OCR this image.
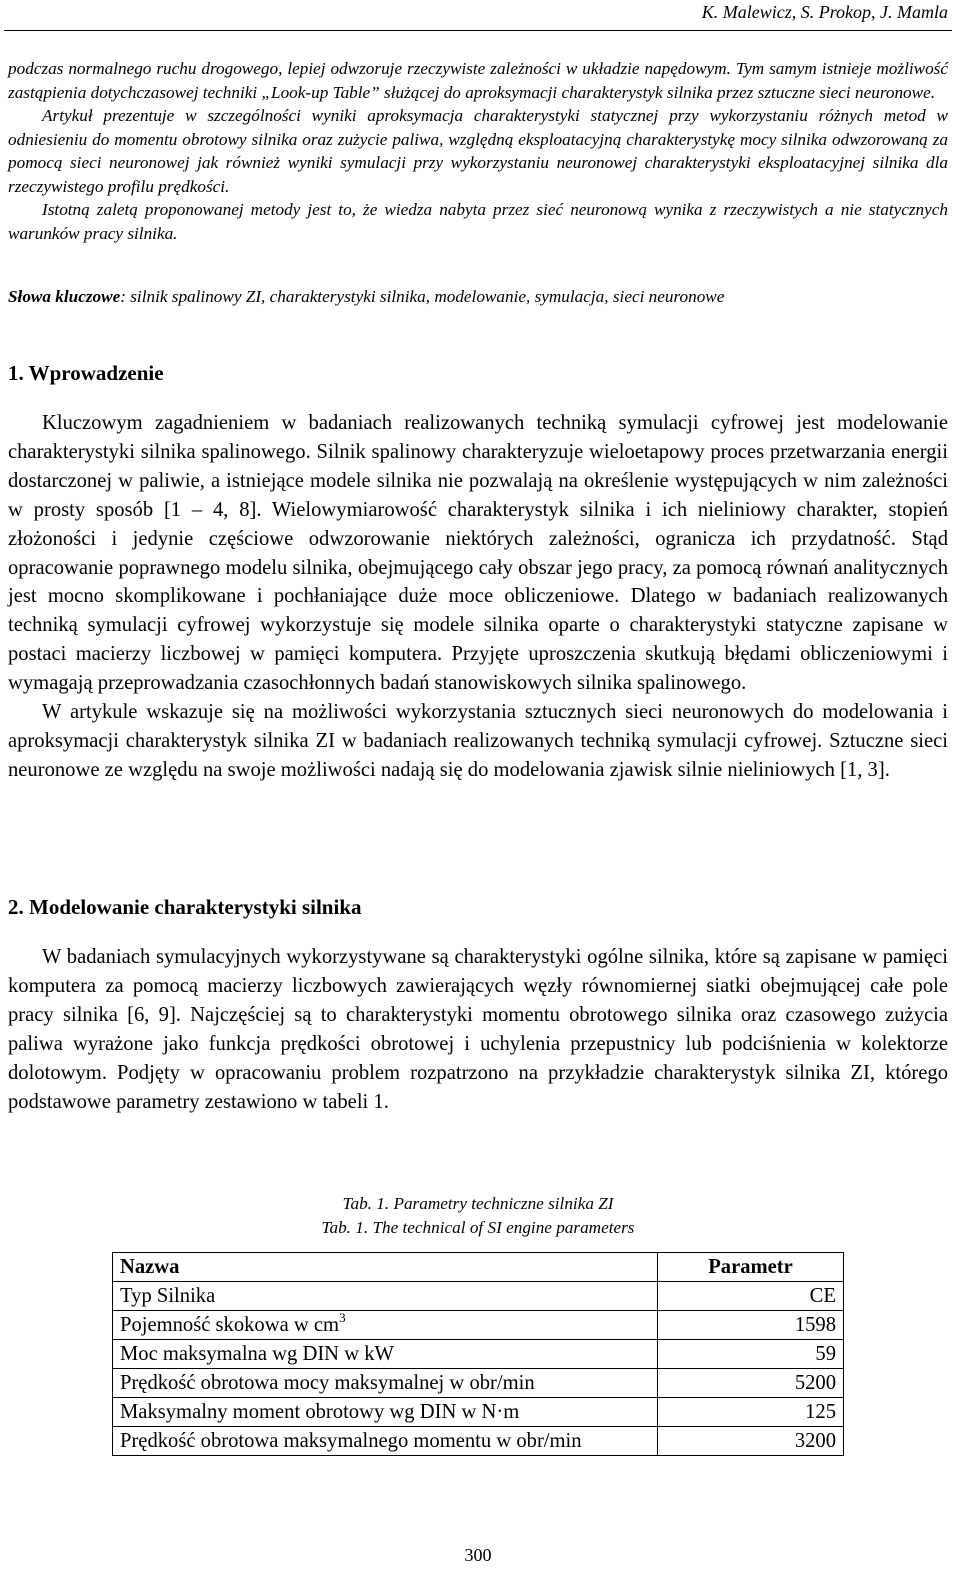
K. Malewicz, S. Prokop, J. Mamla

podczas normalnego ruchu drogowego, lepiej odwzoruje rzeczywiste zależności w układzie napędowym. Tym samym istnieje możliwość zastąpienia dotychczasowej techniki „Look-up Table” służącej do aproksymacji charakterystyk silnika przez sztuczne sieci neuronowe.

Artykuł prezentuje w szczególności wyniki aproksymacja charakterystyki statycznej przy wykorzystaniu różnych metod w odniesieniu do momentu obrotowy silnika oraz zużycie paliwa, względną eksploatacyjną charakterystykę mocy silnika odwzorowaną za pomocą sieci neuronowej jak również wyniki symulacji przy wykorzystaniu neuronowej charakterystyki eksploatacyjnej silnika dla rzeczywistego profilu prędkości.

Istotną zaletą proponowanej metody jest to, że wiedza nabyta przez sieć neuronową wynika z rzeczywistych a nie statycznych warunków pracy silnika.

Słowa kluczowe: silnik spalinowy ZI, charakterystyki silnika, modelowanie, symulacja, sieci neuronowe
1. Wprowadzenie

Kluczowym zagadnieniem w badaniach realizowanych techniką symulacji cyfrowej jest modelowanie charakterystyki silnika spalinowego. Silnik spalinowy charakteryzuje wieloetapowy proces przetwarzania energii dostarczonej w paliwie, a istniejące modele silnika nie pozwalają na określenie występujących w nim zależności w prosty sposób [1 – 4, 8]. Wielowymiarowość charakterystyk silnika i ich nieliniowy charakter, stopień złożoności i jedynie częściowe odwzorowanie niektórych zależności, ogranicza ich przydatność. Stąd opracowanie poprawnego modelu silnika, obejmującego cały obszar jego pracy, za pomocą równań analitycznych jest mocno skomplikowane i pochłaniające duże moce obliczeniowe. Dlatego w badaniach realizowanych techniką symulacji cyfrowej wykorzystuje się modele silnika oparte o charakterystyki statyczne zapisane w postaci macierzy liczbowej w pamięci komputera. Przyjęte uproszczenia skutkują błędami obliczeniowymi i wymagają przeprowadzania czasochłonnych badań stanowiskowych silnika spalinowego.

W artykule wskazuje się na możliwości wykorzystania sztucznych sieci neuronowych do modelowania i aproksymacji charakterystyk silnika ZI w badaniach realizowanych techniką symulacji cyfrowej. Sztuczne sieci neuronowe ze względu na swoje możliwości nadają się do modelowania zjawisk silnie nieliniowych [1, 3].

2. Modelowanie charakterystyki silnika

W badaniach symulacyjnych wykorzystywane są charakterystyki ogólne silnika, które są zapisane w pamięci komputera za pomocą macierzy liczbowych zawierających węzły równomiernej siatki obejmującej całe pole pracy silnika [6, 9]. Najczęściej są to charakterystyki momentu obrotowego silnika oraz czasowego zużycia paliwa wyrażone jako funkcja prędkości obrotowej i uchylenia przepustnicy lub podciśnienia w kolektorze dolotowym. Podjęty w opracowaniu problem rozpatrzono na przykładzie charakterystyk silnika ZI, którego podstawowe parametry zestawiono w tabeli 1.

Tab. 1. Parametry techniczne silnika ZI
Tab. 1. The technical of SI engine parameters
Nazwa	Parametr
Typ Silnika	CE
Pojemność skokowa w $cm^3$	1598
Moc maksymalna wg DIN w kW	59
Prędkość obrotowa mocy maksymalnej w obr/min	5200
Maksymalny moment obrotowy wg DIN w N·m	125
Prędkość obrotowa maksymalnego momentu w obr/min	3200
300
